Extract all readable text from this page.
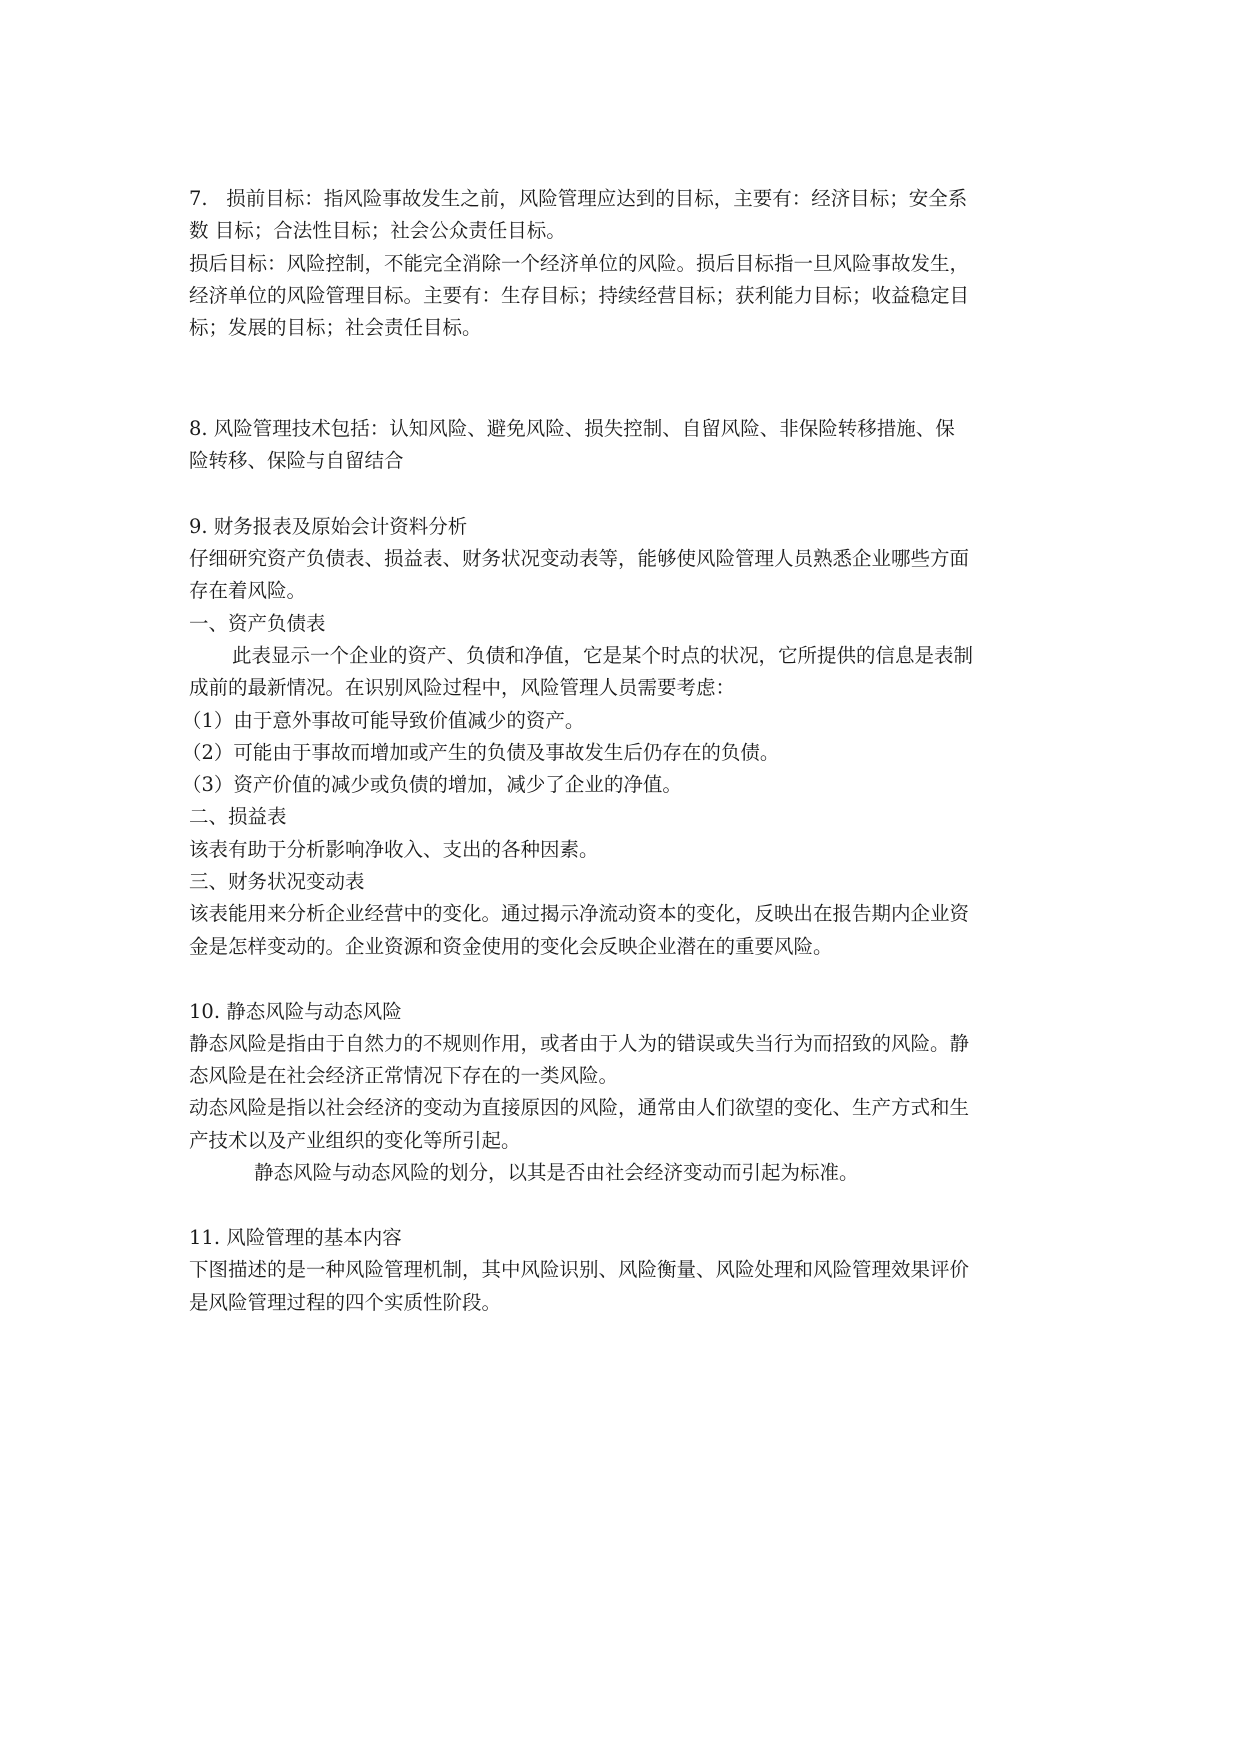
7.   损前目标：指风险事故发生之前，风险管理应达到的目标，主要有：经济目标；安全系
数 目标；合法性目标；社会公众责任目标。
损后目标：风险控制，不能完全消除一个经济单位的风险。损后目标指一旦风险事故发生，
经济单位的风险管理目标。主要有：生存目标；持续经营目标；获利能力目标；收益稳定目
标；发展的目标；社会责任目标。
8. 风险管理技术包括：认知风险、避免风险、损失控制、自留风险、非保险转移措施、保
险转移、保险与自留结合
9. 财务报表及原始会计资料分析
仔细研究资产负债表、损益表、财务状况变动表等，能够使风险管理人员熟悉企业哪些方面
存在着风险。
一、资产负债表
此表显示一个企业的资产、负债和净值，它是某个时点的状况，它所提供的信息是表制
成前的最新情况。在识别风险过程中，风险管理人员需要考虑：
（1）由于意外事故可能导致价值减少的资产。
（2）可能由于事故而增加或产生的负债及事故发生后仍存在的负债。
（3）资产价值的减少或负债的增加，减少了企业的净值。
二、损益表
该表有助于分析影响净收入、支出的各种因素。
三、财务状况变动表
该表能用来分析企业经营中的变化。通过揭示净流动资本的变化，反映出在报告期内企业资
金是怎样变动的。企业资源和资金使用的变化会反映企业潜在的重要风险。
10. 静态风险与动态风险
静态风险是指由于自然力的不规则作用，或者由于人为的错误或失当行为而招致的风险。静
态风险是在社会经济正常情况下存在的一类风险。
动态风险是指以社会经济的变动为直接原因的风险，通常由人们欲望的变化、生产方式和生
产技术以及产业组织的变化等所引起。
静态风险与动态风险的划分，以其是否由社会经济变动而引起为标准。
11. 风险管理的基本内容
下图描述的是一种风险管理机制，其中风险识别、风险衡量、风险处理和风险管理效果评价
是风险管理过程的四个实质性阶段。
